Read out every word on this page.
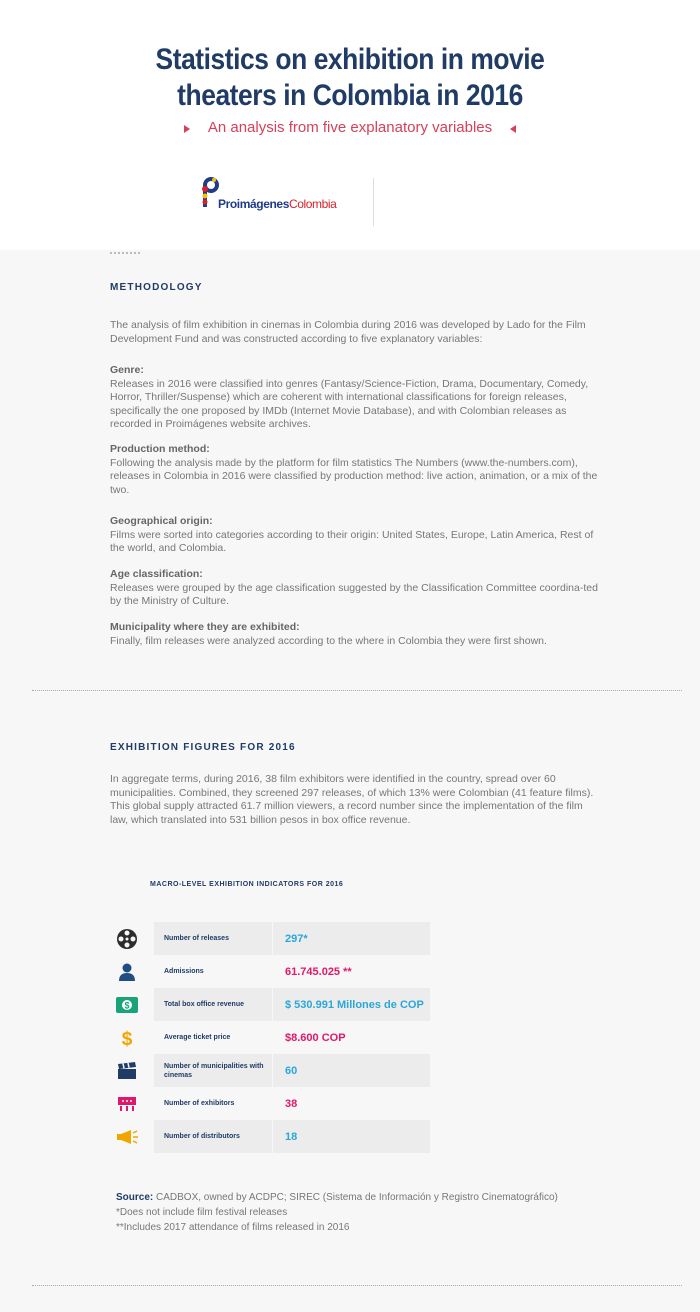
Statistics on exhibition in movie
theaters in Colombia in 2016
An analysis from five explanatory variables
ProimágenesColombia
METHODOLOGY
The analysis of film exhibition in cinemas in Colombia during 2016 was developed by Lado for the Film Development Fund and was constructed according to five explanatory variables:
Genre:
Releases in 2016 were classified into genres (Fantasy/Science-Fiction, Drama, Documentary, Comedy, Horror, Thriller/Suspense) which are coherent with international classifications for foreign releases, specifically the one proposed by IMDb (Internet Movie Database), and with Colombian releases as recorded in Proimágenes website archives.
Production method:
Following the analysis made by the platform for film statistics The Numbers (www.the-numbers.com), releases in Colombia in 2016 were classified by production method: live action, animation, or a mix of the two.
Geographical origin:
Films were sorted into categories according to their origin: United States, Europe, Latin America, Rest of the world, and Colombia.
Age classification:
Releases were grouped by the age classification suggested by the Classification Committee coordina-ted by the Ministry of Culture.
Municipality where they are exhibited:
Finally, film releases were analyzed according to the where in Colombia they were first shown.
EXHIBITION FIGURES FOR 2016
In aggregate terms, during 2016, 38 film exhibitors were identified in the country, spread over 60 municipalities. Combined, they screened 297 releases, of which 13% were Colombian (41 feature films). This global supply attracted 61.7 million viewers, a record number since the implementation of the film law, which translated into 531 billion pesos in box office revenue.
MACRO-LEVEL EXHIBITION INDICATORS FOR 2016
Number of releases	297*
Admissions	61.745.025 **
$	Total box office revenue	$ 530.991 Millones de COP
$	Average ticket price	$8.600 COP
Number of municipalities with cinemas	60
Number of exhibitors	38
Number of distributors	18
Source: CADBOX, owned by ACDPC; SIREC (Sistema de Información y Registro Cinematográfico)
*Does not include film festival releases
**Includes 2017 attendance of films released in 2016
